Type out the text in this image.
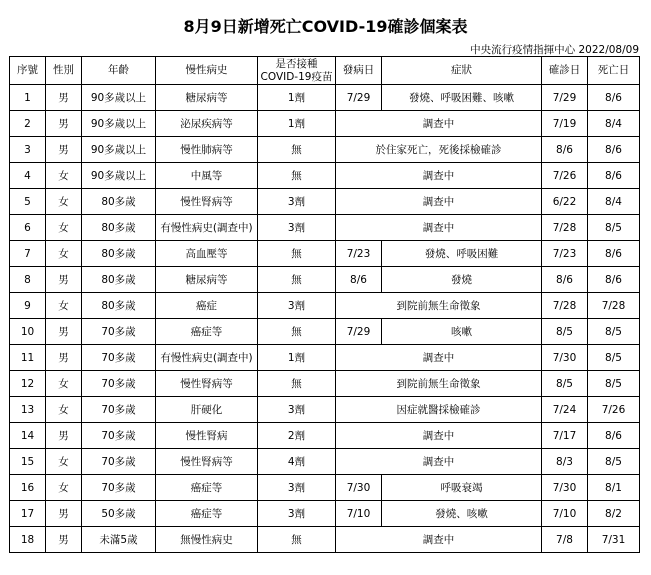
8月9日新增死亡COVID-19確診個案表
中央流行疫情指揮中心 2022/08/09
序號	性別	年齡	慢性病史	是否接種
COVID-19疫苗	發病日	症狀	確診日	死亡日
1	男	90多歲以上	糖尿病等	1劑	7/29	發燒、呼吸困難、咳嗽	7/29	8/6
2	男	90多歲以上	泌尿疾病等	1劑	調查中		7/19	8/4
3	男	90多歲以上	慢性肺病等	無	於住家死亡，死後採檢確診		8/6	8/6
4	女	90多歲以上	中風等	無	調查中		7/26	8/6
5	女	80多歲	慢性腎病等	3劑	調查中		6/22	8/4
6	女	80多歲	有慢性病史(調查中)	3劑	調查中		7/28	8/5
7	女	80多歲	高血壓等	無	7/23	發燒、呼吸困難	7/23	8/6
8	男	80多歲	糖尿病等	無	8/6	發燒	8/6	8/6
9	女	80多歲	癌症	3劑	到院前無生命徵象		7/28	7/28
10	男	70多歲	癌症等	無	7/29	咳嗽	8/5	8/5
11	男	70多歲	有慢性病史(調查中)	1劑	調查中		7/30	8/5
12	女	70多歲	慢性腎病等	無	到院前無生命徵象		8/5	8/5
13	女	70多歲	肝硬化	3劑	因症就醫採檢確診		7/24	7/26
14	男	70多歲	慢性腎病	2劑	調查中		7/17	8/6
15	女	70多歲	慢性腎病等	4劑	調查中		8/3	8/5
16	女	70多歲	癌症等	3劑	7/30	呼吸衰竭	7/30	8/1
17	男	50多歲	癌症等	3劑	7/10	發燒、咳嗽	7/10	8/2
18	男	未滿5歲	無慢性病史	無	調查中		7/8	7/31
